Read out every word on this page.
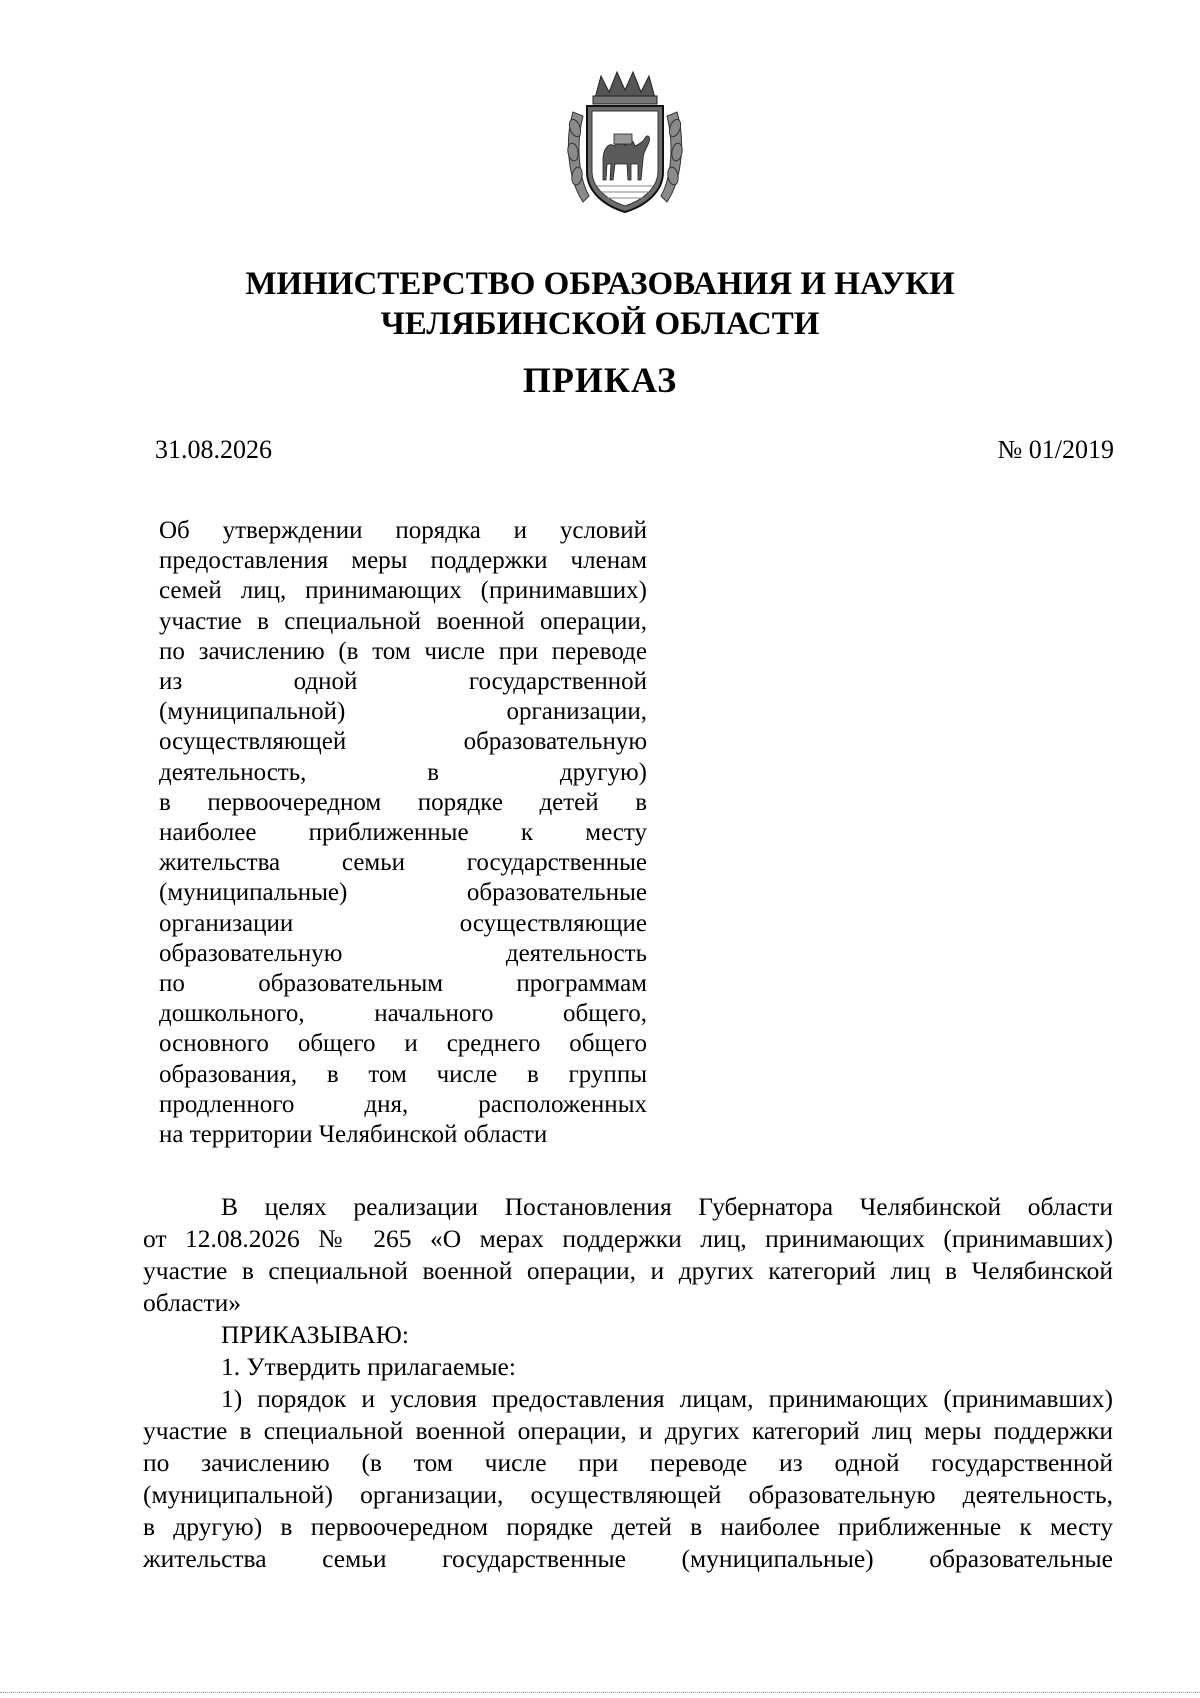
МИНИСТЕРСТВО ОБРАЗОВАНИЯ И НАУКИ
ЧЕЛЯБИНСКОЙ ОБЛАСТИ
ПРИКАЗ
31.08.2026	№ 01/2019
Об утверждении порядка и условий
предоставления меры поддержки членам
семей лиц, принимающих (принимавших)
участие в специальной военной операции,
по зачислению (в том числе при переводе
из одной государственной
(муниципальной) организации,
осуществляющей образовательную
деятельность, в другую)
в первоочередном порядке детей в
наиболее приближенные к месту
жительства семьи государственные
(муниципальные) образовательные
организации осуществляющие
образовательную деятельность
по образовательным программам
дошкольного, начального общего,
основного общего и среднего общего
образования, в том числе в группы
продленного дня, расположенных
на территории Челябинской области
В целях реализации Постановления Губернатора Челябинской области
от 12.08.2026 № 265 «О мерах поддержки лиц, принимающих (принимавших)
участие в специальной военной операции, и других категорий лиц в Челябинской
области»
ПРИКАЗЫВАЮ:
1. Утвердить прилагаемые:
1) порядок и условия предоставления лицам, принимающих (принимавших)
участие в специальной военной операции, и других категорий лиц меры поддержки
по зачислению (в том числе при переводе из одной государственной
(муниципальной) организации, осуществляющей образовательную деятельность,
в другую) в первоочередном порядке детей в наиболее приближенные к месту
жительства семьи государственные (муниципальные) образовательные
